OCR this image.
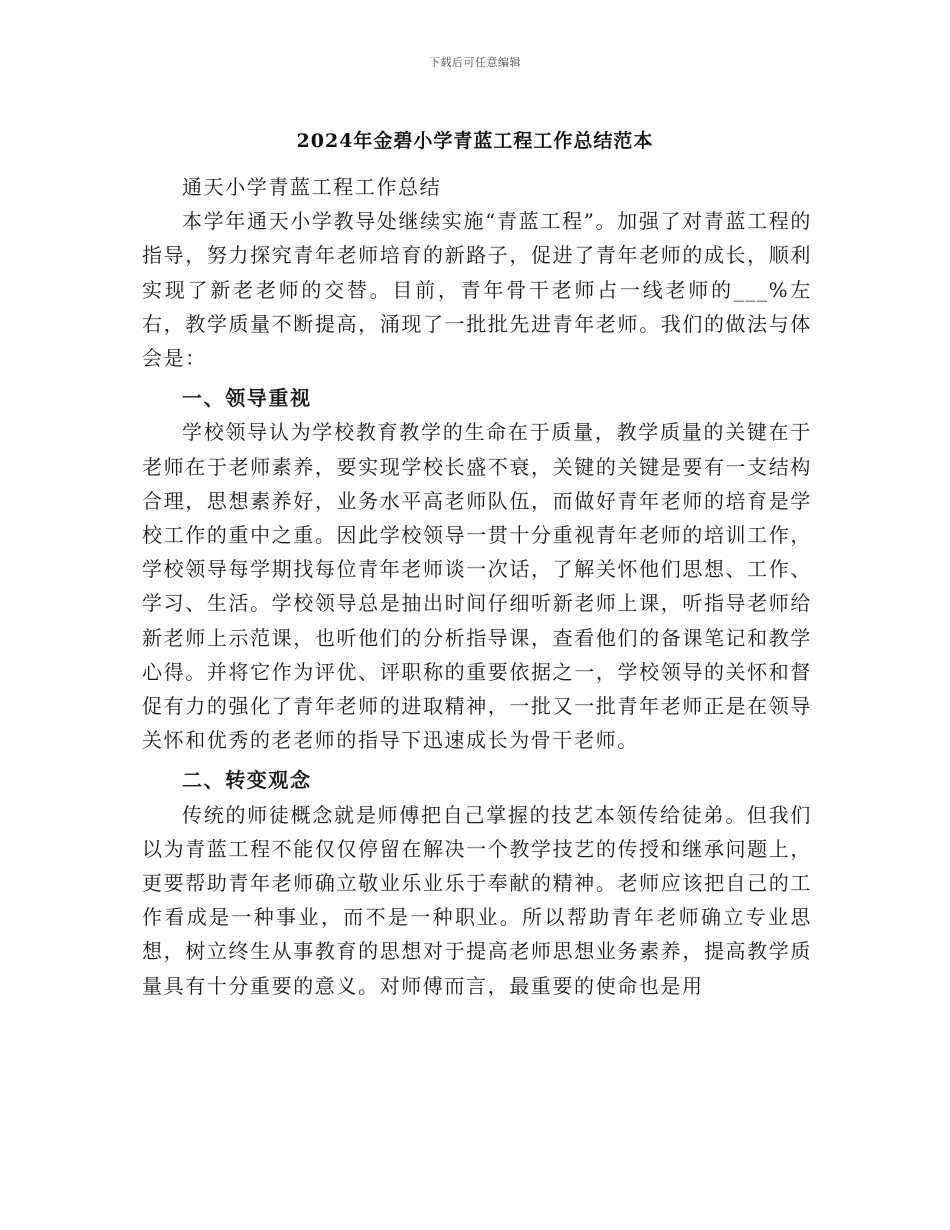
下载后可任意编辑
2024年金碧小学青蓝工程工作总结范本

通天小学青蓝工程工作总结

本学年通天小学教导处继续实施“青蓝工程”。加强了对青蓝工程的指导，努力探究青年老师培育的新路子，促进了青年老师的成长，顺利实现了新老老师的交替。目前，青年骨干老师占一线老师的___%左右，教学质量不断提高，涌现了一批批先进青年老师。我们的做法与体会是：

一、领导重视

学校领导认为学校教育教学的生命在于质量，教学质量的关键在于老师在于老师素养，要实现学校长盛不衰，关键的关键是要有一支结构合理，思想素养好，业务水平高老师队伍，而做好青年老师的培育是学校工作的重中之重。因此学校领导一贯十分重视青年老师的培训工作，学校领导每学期找每位青年老师谈一次话，了解关怀他们思想、工作、学习、生活。学校领导总是抽出时间仔细听新老师上课，听指导老师给新老师上示范课，也听他们的分析指导课，查看他们的备课笔记和教学心得。并将它作为评优、评职称的重要依据之一，学校领导的关怀和督促有力的强化了青年老师的进取精神，一批又一批青年老师正是在领导关怀和优秀的老老师的指导下迅速成长为骨干老师。

二、转变观念

传统的师徒概念就是师傅把自己掌握的技艺本领传给徒弟。但我们以为青蓝工程不能仅仅停留在解决一个教学技艺的传授和继承问题上，更要帮助青年老师确立敬业乐业乐于奉献的精神。老师应该把自己的工作看成是一种事业，而不是一种职业。所以帮助青年老师确立专业思想，树立终生从事教育的思想对于提高老师思想业务素养，提高教学质量具有十分重要的意义。对师傅而言，最重要的使命也是用
